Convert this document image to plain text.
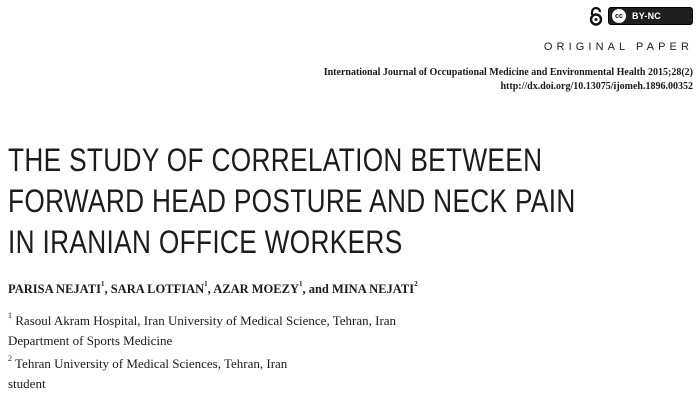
cc	BY-NC
ORIGINAL PAPER
International Journal of Occupational Medicine and Environmental Health 2015;28(2)
http://dx.doi.org/10.13075/ijomeh.1896.00352
THE STUDY OF CORRELATION BETWEEN
FORWARD HEAD POSTURE AND NECK PAIN
IN IRANIAN OFFICE WORKERS
PARISA NEJATI$^1$, SARA LOTFIAN$^1$, AZAR MOEZY$^1$, and MINA NEJATI$^2$
$^1$ Rasoul Akram Hospital, Iran University of Medical Science, Tehran, Iran
Department of Sports Medicine
$^2$ Tehran University of Medical Sciences, Tehran, Iran
student
